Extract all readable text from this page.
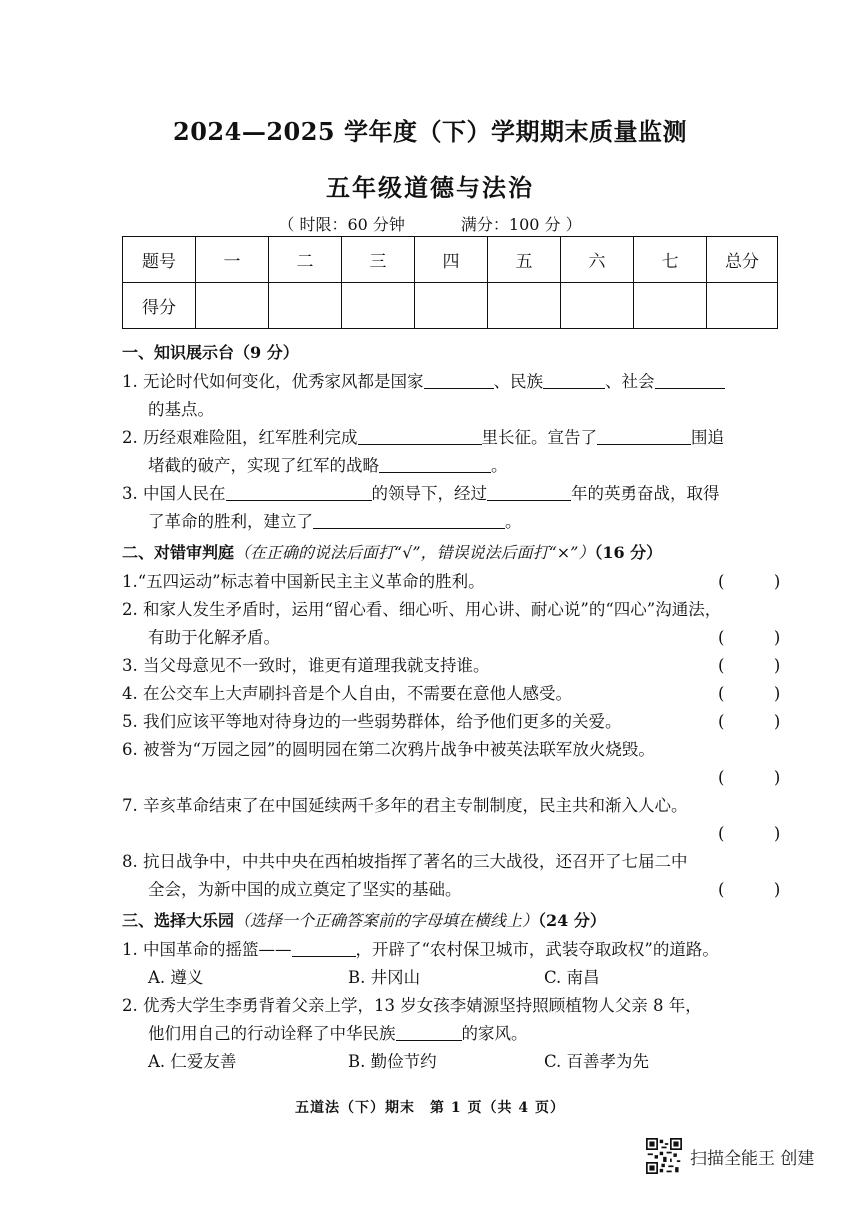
2024—2025 学年度（下）学期期末质量监测
五年级道德与法治
（ 时限：60 分钟	满分：100 分 ）
题号	一	二	三	四	五	六	七	总分
得分								
一、知识展示台（9 分）
1. 无论时代如何变化，优秀家风都是国家	、民族	、社会
的基点。
2. 历经艰难险阻，红军胜利完成	里长征。宣告了	围追
堵截的破产，实现了红军的战略	。
3. 中国人民在	的领导下，经过	年的英勇奋战，取得
了革命的胜利，建立了	。
二、对错审判庭（在正确的说法后面打“√”，错误说法后面打“×”）（16 分）
1.“五四运动”标志着中国新民主主义革命的胜利。	(　　　)
2. 和家人发生矛盾时，运用“留心看、细心听、用心讲、耐心说”的“四心”沟通法，
有助于化解矛盾。	(　　　)
3. 当父母意见不一致时，谁更有道理我就支持谁。	(　　　)
4. 在公交车上大声刷抖音是个人自由，不需要在意他人感受。	(　　　)
5. 我们应该平等地对待身边的一些弱势群体，给予他们更多的关爱。	(　　　)
6. 被誉为“万园之园”的圆明园在第二次鸦片战争中被英法联军放火烧毁。
(　　　)
7. 辛亥革命结束了在中国延续两千多年的君主专制制度，民主共和渐入人心。
(　　　)
8. 抗日战争中，中共中央在西柏坡指挥了著名的三大战役，还召开了七届二中
全会，为新中国的成立奠定了坚实的基础。	(　　　)
三、选择大乐园（选择一个正确答案前的字母填在横线上）（24 分）
1. 中国革命的摇篮——	，开辟了“农村保卫城市，武装夺取政权”的道路。
A. 遵义	B. 井冈山	C. 南昌
2. 优秀大学生李勇背着父亲上学，13 岁女孩李婧源坚持照顾植物人父亲 8 年，
他们用自己的行动诠释了中华民族	的家风。
A. 仁爱友善	B. 勤俭节约	C. 百善孝为先
五道法（下）期末　第 1 页（共 4 页）
扫描全能王 创建
